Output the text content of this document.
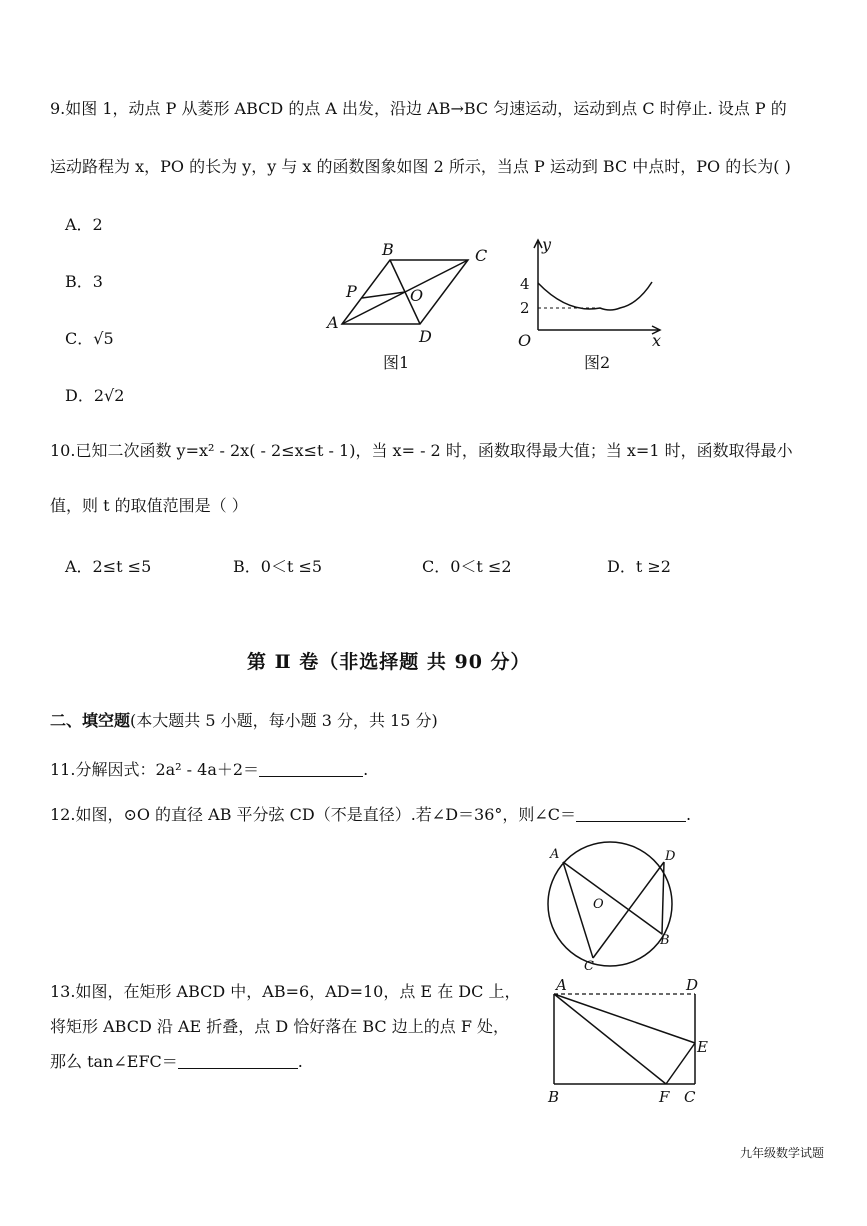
9.如图 1，动点 P 从菱形 ABCD 的点 A 出发，沿边 AB→BC 匀速运动，运动到点 C 时停止. 设点 P 的
运动路程为 x，PO 的长为 y，y 与 x 的函数图象如图 2 所示，当点 P 运动到 BC 中点时，PO 的长为( )
A．2
B．3
C．√5
D．2√2
A
B	C
D
P	O
图1
y
x
O
4
2
图2
10.已知二次函数 y=x² - 2x( - 2≤x≤t - 1)，当 x= - 2 时，函数取得最大值；当 x=1 时，函数取得最小
值，则 t 的取值范围是（ ）
A．2≤t ≤5	B．0＜t ≤5	C．0＜t ≤2	D．t ≥2
第 Ⅱ 卷（非选择题 共 90 分）
二、填空题(本大题共 5 小题，每小题 3 分，共 15 分)
11.分解因式：2a² - 4a＋2＝	.
12.如图，⊙O 的直径 AB 平分弦 CD（不是直径）.若∠D＝36°，则∠C＝	.
A	D
O
B
C
13.如图，在矩形 ABCD 中，AB=6，AD=10，点 E 在 DC 上，
将矩形 ABCD 沿 AE 折叠，点 D 恰好落在 BC 边上的点 F 处，
那么 tan∠EFC＝	.
A	D
E
B	F C
九年级数学试题
